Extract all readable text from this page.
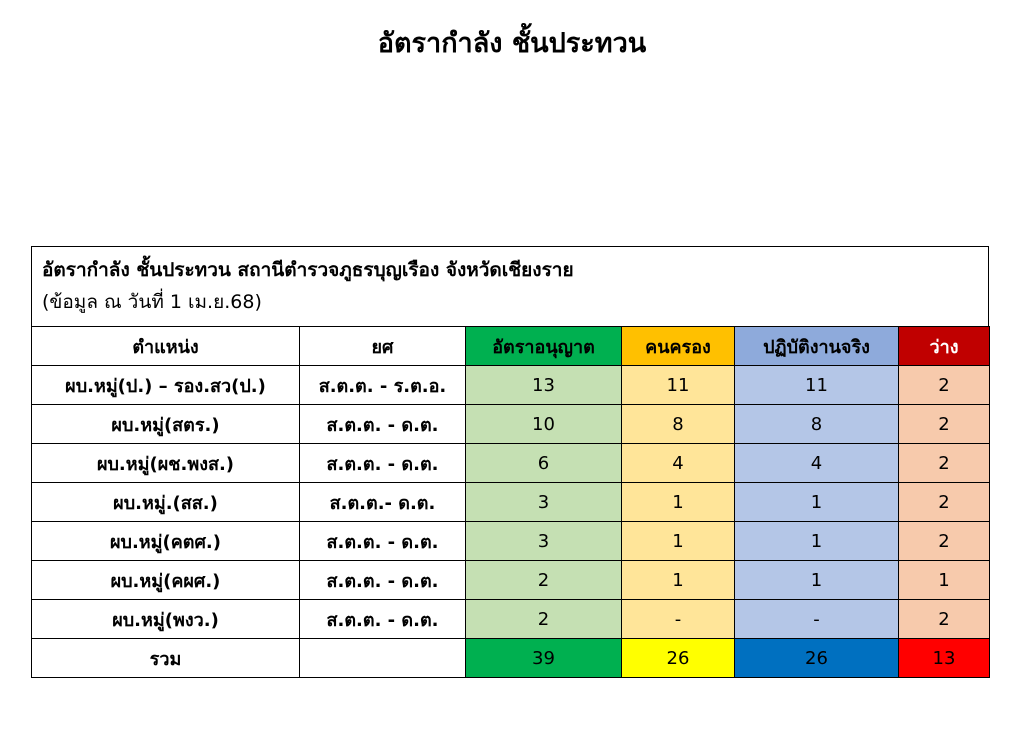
อัตรากำลัง ชั้นประทวน
อัตรากำลัง ชั้นประทวน สถานีตำรวจภูธรบุญเรือง จังหวัดเชียงราย
(ข้อมูล ณ วันที่ 1 เม.ย.68)
ตำแหน่ง	ยศ	อัตราอนุญาต	คนครอง	ปฏิบัติงานจริง	ว่าง
ผบ.หมู่(ป.) – รอง.สว(ป.)	ส.ต.ต. - ร.ต.อ.	13	11	11	2
ผบ.หมู่(สตร.)	ส.ต.ต. - ด.ต.	10	8	8	2
ผบ.หมู่(ผช.พงส.)	ส.ต.ต. - ด.ต.	6	4	4	2
ผบ.หมู่.(สส.)	ส.ต.ต.- ด.ต.	3	1	1	2
ผบ.หมู่(คตศ.)	ส.ต.ต. - ด.ต.	3	1	1	2
ผบ.หมู่(คผศ.)	ส.ต.ต. - ด.ต.	2	1	1	1
ผบ.หมู่(พงว.)	ส.ต.ต. - ด.ต.	2	-	-	2
รวม		39	26	26	13
